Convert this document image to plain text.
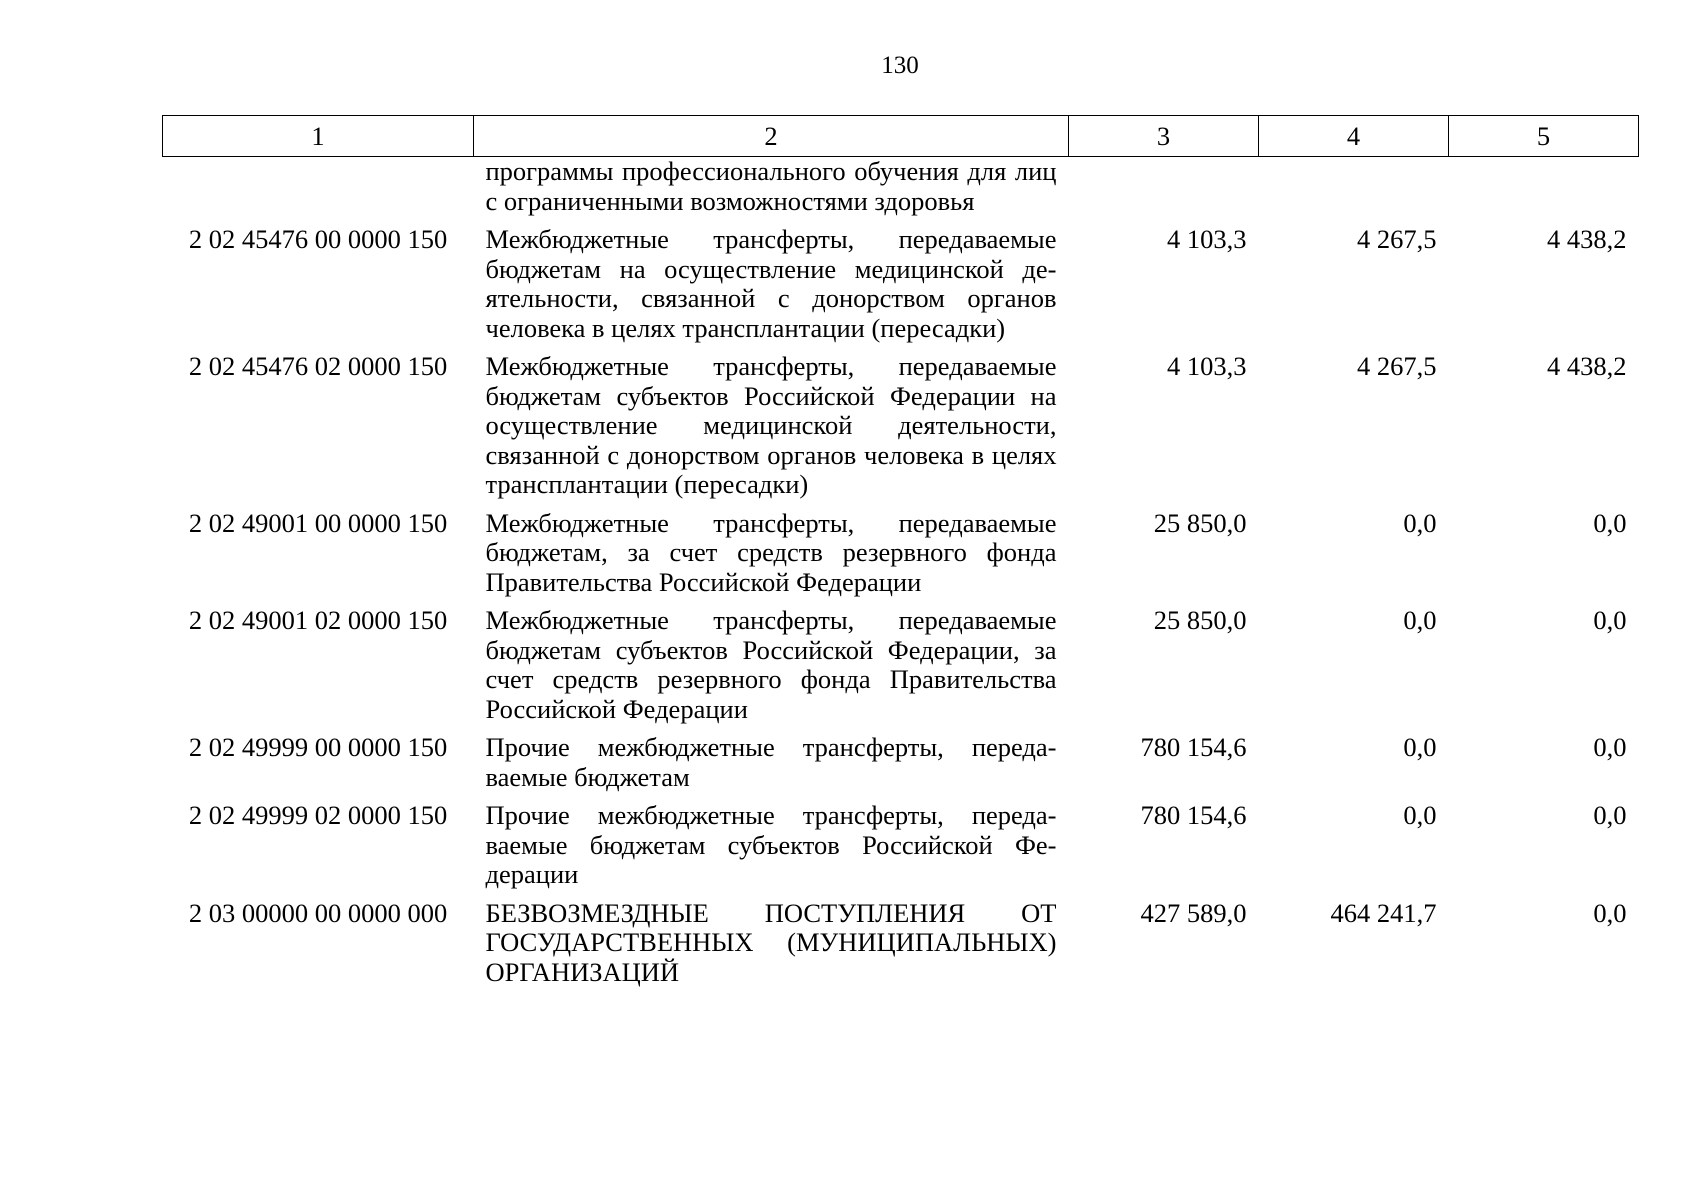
130
1	2	3	4	5
	программы профессионального обучения для лиц с ограниченными возможностями здоровья			
2 02 45476 00 0000 150	Межбюджетные трансферты, передаваемые бюджетам на осуществление медицинской деятельности, связанной с донорством органов человека в целях трансплантации (пересадки)	4 103,3	4 267,5	4 438,2
2 02 45476 02 0000 150	Межбюджетные трансферты, передаваемые бюджетам субъектов Российской Федерации на осуществление медицинской деятельности, связанной с донорством органов человека в целях трансплантации (пересадки)	4 103,3	4 267,5	4 438,2
2 02 49001 00 0000 150	Межбюджетные трансферты, передаваемые бюджетам, за счет средств резервного фонда Правительства Российской Федерации	25 850,0	0,0	0,0
2 02 49001 02 0000 150	Межбюджетные трансферты, передаваемые бюджетам субъектов Российской Федерации, за счет средств резервного фонда Правительства Российской Федерации	25 850,0	0,0	0,0
2 02 49999 00 0000 150	Прочие межбюджетные трансферты, передаваемые бюджетам	780 154,6	0,0	0,0
2 02 49999 02 0000 150	Прочие межбюджетные трансферты, передаваемые бюджетам субъектов Российской Федерации	780 154,6	0,0	0,0
2 03 00000 00 0000 000	БЕЗВОЗМЕЗДНЫЕ ПОСТУПЛЕНИЯ ОТ ГОСУДАРСТВЕННЫХ (МУНИЦИПАЛЬНЫХ) ОРГАНИЗАЦИЙ	427 589,0	464 241,7	0,0
